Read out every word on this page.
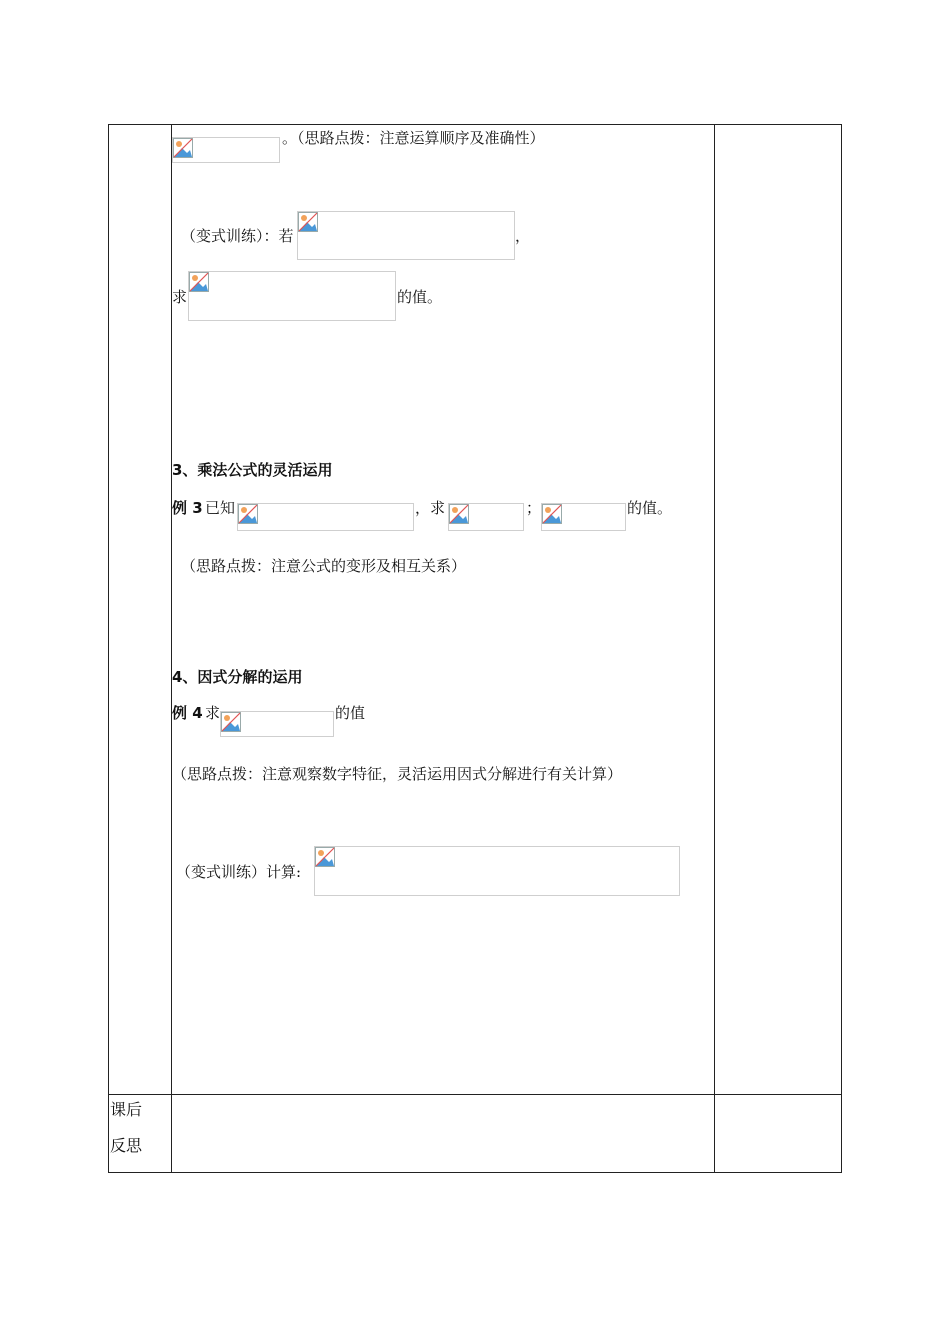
。（思路点拨：注意运算顺序及准确性）
（变式训练）：若	，
求	的值。
3、乘法公式的灵活运用
例 3 已知	，求	；	的值。
（思路点拨：注意公式的变形及相互关系）
4、因式分解的运用
例 4 求	的值
（思路点拨：注意观察数字特征，灵活运用因式分解进行有关计算）
（变式训练）计算:
课后
反思
